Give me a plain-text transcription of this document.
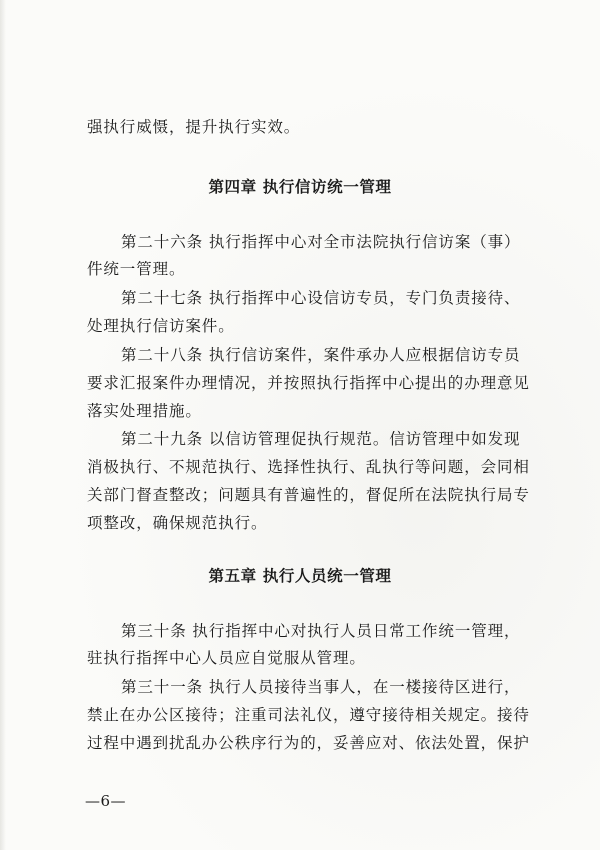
强执行威慑，提升执行实效。
第四章 执行信访统一管理
第二十六条 执行指挥中心对全市法院执行信访案（事）
件统一管理。
第二十七条 执行指挥中心设信访专员，专门负责接待、
处理执行信访案件。
第二十八条 执行信访案件，案件承办人应根据信访专员
要求汇报案件办理情况，并按照执行指挥中心提出的办理意见
落实处理措施。
第二十九条 以信访管理促执行规范。信访管理中如发现
消极执行、不规范执行、选择性执行、乱执行等问题，会同相
关部门督查整改；问题具有普遍性的，督促所在法院执行局专
项整改，确保规范执行。
第五章 执行人员统一管理
第三十条 执行指挥中心对执行人员日常工作统一管理，
驻执行指挥中心人员应自觉服从管理。
第三十一条 执行人员接待当事人，在一楼接待区进行，
禁止在办公区接待；注重司法礼仪，遵守接待相关规定。接待
过程中遇到扰乱办公秩序行为的，妥善应对、依法处置，保护
—6—
